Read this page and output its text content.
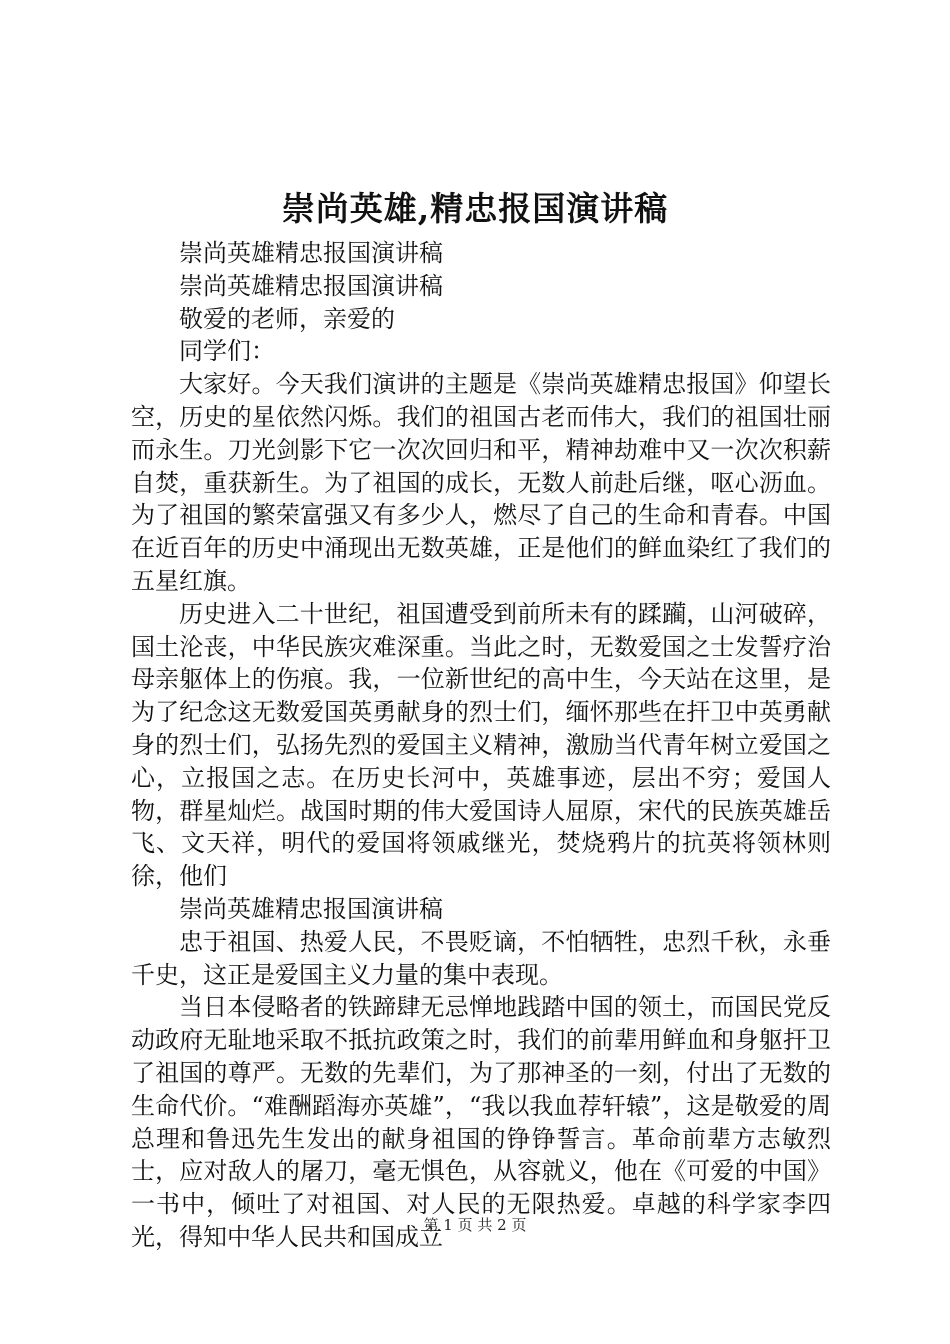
崇尚英雄,精忠报国演讲稿

崇尚英雄精忠报国演讲稿

崇尚英雄精忠报国演讲稿

敬爱的老师，亲爱的

同学们：

大家好。今天我们演讲的主题是《崇尚英雄精忠报国》仰望长空，历史的星依然闪烁。我们的祖国古老而伟大，我们的祖国壮丽而永生。刀光剑影下它一次次回归和平，精神劫难中又一次次积薪自焚，重获新生。为了祖国的成长，无数人前赴后继，呕心沥血。为了祖国的繁荣富强又有多少人，燃尽了自己的生命和青春。中国在近百年的历史中涌现出无数英雄，正是他们的鲜血染红了我们的五星红旗。

历史进入二十世纪，祖国遭受到前所未有的蹂躏，山河破碎，国土沦丧，中华民族灾难深重。当此之时，无数爱国之士发誓疗治母亲躯体上的伤痕。我，一位新世纪的高中生，今天站在这里，是为了纪念这无数爱国英勇献身的烈士们，缅怀那些在扞卫中英勇献身的烈士们，弘扬先烈的爱国主义精神，激励当代青年树立爱国之心，立报国之志。在历史长河中，英雄事迹，层出不穷；爱国人物，群星灿烂。战国时期的伟大爱国诗人屈原，宋代的民族英雄岳飞、文天祥，明代的爱国将领戚继光，焚烧鸦片的抗英将领林则徐，他们

崇尚英雄精忠报国演讲稿

忠于祖国、热爱人民，不畏贬谪，不怕牺牲，忠烈千秋，永垂千史，这正是爱国主义力量的集中表现。

当日本侵略者的铁蹄肆无忌惮地践踏中国的领土，而国民党反动政府无耻地采取不抵抗政策之时，我们的前辈用鲜血和身躯扞卫了祖国的尊严。无数的先辈们，为了那神圣的一刻，付出了无数的生命代价。“难酬蹈海亦英雄”，“我以我血荐轩辕”，这是敬爱的周总理和鲁迅先生发出的献身祖国的铮铮誓言。革命前辈方志敏烈士，应对敌人的屠刀，毫无惧色，从容就义，他在《可爱的中国》一书中，倾吐了对祖国、对人民的无限热爱。卓越的科学家李四光，得知中华人民共和国成立

第 1 页 共 2 页
